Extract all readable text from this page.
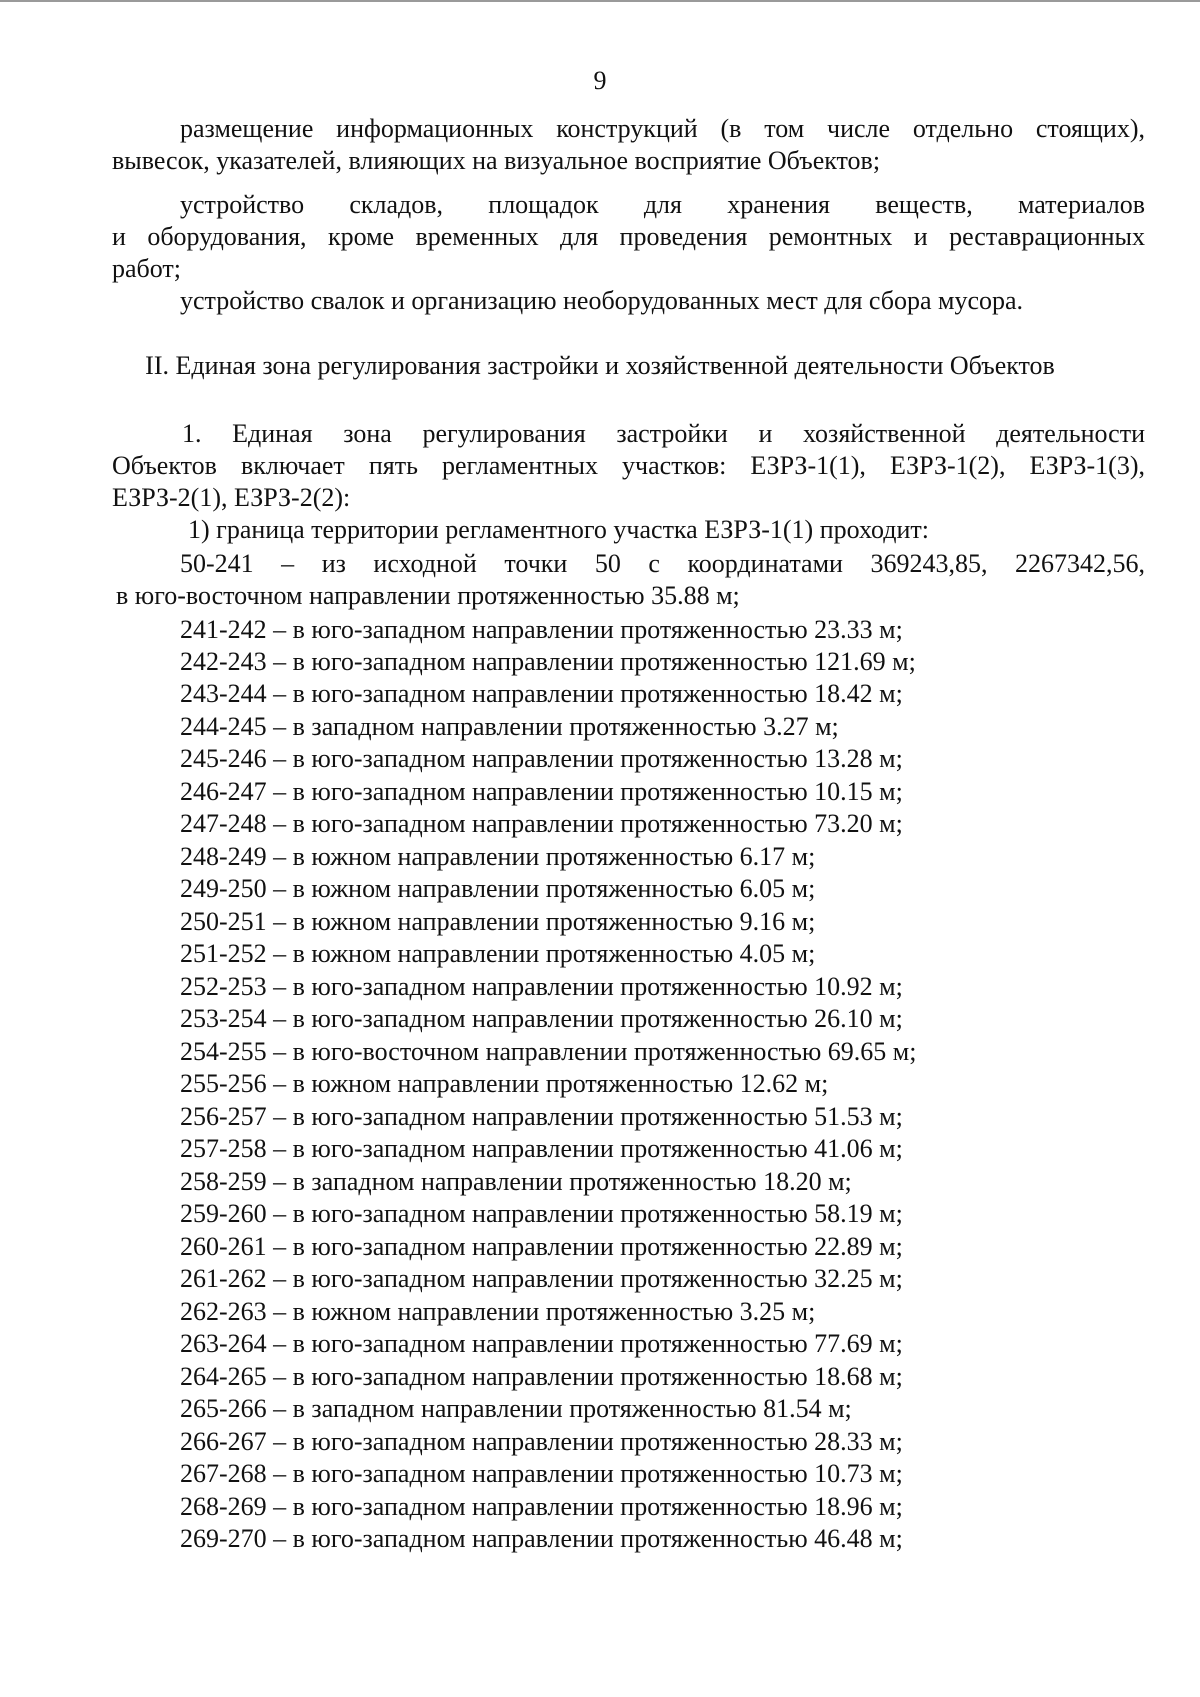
9
размещение информационных конструкций (в том числе отдельно стоящих),
вывесок, указателей, влияющих на визуальное восприятие Объектов;
устройство складов, площадок для хранения веществ, материалов
и оборудования, кроме временных для проведения ремонтных и реставрационных
работ;
устройство свалок и организацию необорудованных мест для сбора мусора.
II. Единая зона регулирования застройки и хозяйственной деятельности Объектов
1. Единая зона регулирования застройки и хозяйственной деятельности
Объектов включает пять регламентных участков: ЕЗРЗ-1(1), ЕЗРЗ-1(2), ЕЗРЗ-1(3),
ЕЗРЗ-2(1), ЕЗРЗ-2(2):
1) граница территории регламентного участка ЕЗРЗ-1(1) проходит:
50-241 – из исходной точки 50 с координатами 369243,85, 2267342,56,
в юго-восточном направлении протяженностью 35.88 м;
241-242 – в юго-западном направлении протяженностью 23.33 м;
242-243 – в юго-западном направлении протяженностью 121.69 м;
243-244 – в юго-западном направлении протяженностью 18.42 м;
244-245 – в западном направлении протяженностью 3.27 м;
245-246 – в юго-западном направлении протяженностью 13.28 м;
246-247 – в юго-западном направлении протяженностью 10.15 м;
247-248 – в юго-западном направлении протяженностью 73.20 м;
248-249 – в южном направлении протяженностью 6.17 м;
249-250 – в южном направлении протяженностью 6.05 м;
250-251 – в южном направлении протяженностью 9.16 м;
251-252 – в южном направлении протяженностью 4.05 м;
252-253 – в юго-западном направлении протяженностью 10.92 м;
253-254 – в юго-западном направлении протяженностью 26.10 м;
254-255 – в юго-восточном направлении протяженностью 69.65 м;
255-256 – в южном направлении протяженностью 12.62 м;
256-257 – в юго-западном направлении протяженностью 51.53 м;
257-258 – в юго-западном направлении протяженностью 41.06 м;
258-259 – в западном направлении протяженностью 18.20 м;
259-260 – в юго-западном направлении протяженностью 58.19 м;
260-261 – в юго-западном направлении протяженностью 22.89 м;
261-262 – в юго-западном направлении протяженностью 32.25 м;
262-263 – в южном направлении протяженностью 3.25 м;
263-264 – в юго-западном направлении протяженностью 77.69 м;
264-265 – в юго-западном направлении протяженностью 18.68 м;
265-266 – в западном направлении протяженностью 81.54 м;
266-267 – в юго-западном направлении протяженностью 28.33 м;
267-268 – в юго-западном направлении протяженностью 10.73 м;
268-269 – в юго-западном направлении протяженностью 18.96 м;
269-270 – в юго-западном направлении протяженностью 46.48 м;
